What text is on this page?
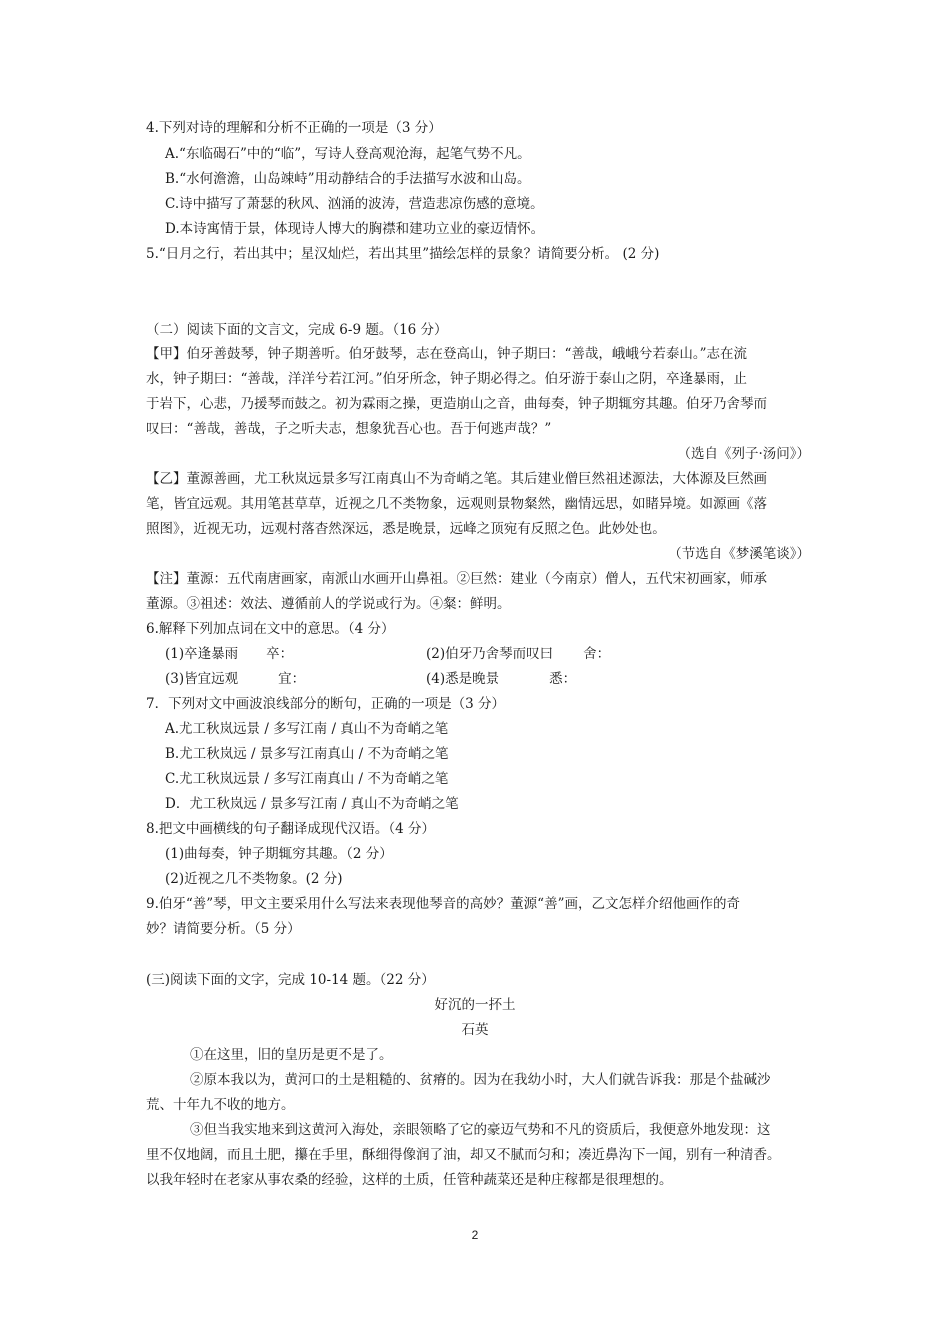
4.下列对诗的理解和分析不正确的一项是（3 分）
A.“东临碣石”中的“临”，写诗人登高观沧海，起笔气势不凡。
B.“水何澹澹，山岛竦峙”用动静结合的手法描写水波和山岛。
C.诗中描写了萧瑟的秋风、汹涌的波涛，营造悲凉伤感的意境。
D.本诗寓情于景，体现诗人博大的胸襟和建功立业的豪迈情怀。
5.“日月之行，若出其中；星汉灿烂，若出其里”描绘怎样的景象？请简要分析。 (2 分)
（二）阅读下面的文言文，完成 6-9 题。（16 分）
【甲】伯牙善鼓琴，钟子期善听。伯牙鼓琴，志在登高山，钟子期曰：“善哉，峨峨兮若泰山。”志在流
水，钟子期曰：“善哉，洋洋兮若江河。”伯牙所念，钟子期必得之。伯牙游于泰山之阴，卒逢暴雨，止
于岩下，心悲，乃援琴而鼓之。初为霖雨之操，更造崩山之音，曲每奏，钟子期辄穷其趣。伯牙乃舍琴而
叹曰：“善哉，善哉，子之听夫志，想象犹吾心也。吾于何逃声哉？”
（选自《列子·汤问》）
【乙】董源善画，尤工秋岚远景多写江南真山不为奇峭之笔。其后建业僧巨然祖述源法，大体源及巨然画
笔，皆宜远观。其用笔甚草草，近视之几不类物象，远观则景物粲然，幽情远思，如睹异境。如源画《落
照图》，近视无功，远观村落杳然深远，悉是晚景，远峰之顶宛有反照之色。此妙处也。
（节选自《梦溪笔谈》）
【注】董源：五代南唐画家，南派山水画开山鼻祖。②巨然：建业（今南京）僧人，五代宋初画家，师承
董源。③祖述：效法、遵循前人的学说或行为。④粲：鲜明。
6.解释下列加点词在文中的意思。（4 分）
(1)卒逢暴雨 卒：	(2)伯牙乃舍琴而叹曰 舍：
(3)皆宜远观	宜：	(4)悉是晚景	悉：
7．下列对文中画波浪线部分的断句，正确的一项是（3 分）
A.尤工秋岚远景 / 多写江南 / 真山不为奇峭之笔
B.尤工秋岚远 / 景多写江南真山 / 不为奇峭之笔
C.尤工秋岚远景 / 多写江南真山 / 不为奇峭之笔
D．尤工秋岚远 / 景多写江南 / 真山不为奇峭之笔
8.把文中画横线的句子翻译成现代汉语。（4 分）
(1)曲每奏，钟子期辄穷其趣。（2 分）
(2)近视之几不类物象。(2 分)
9.伯牙“善”琴，甲文主要采用什么写法来表现他琴音的高妙？董源“善”画，乙文怎样介绍他画作的奇
妙？请简要分析。（5 分）
(三)阅读下面的文字，完成 10-14 题。（22 分）
好沉的一抔土
石英
①在这里，旧的皇历是更不是了。
②原本我以为，黄河口的土是粗糙的、贫瘠的。因为在我幼小时，大人们就告诉我：那是个盐碱沙
荒、十年九不收的地方。
③但当我实地来到这黄河入海处，亲眼领略了它的豪迈气势和不凡的资质后，我便意外地发现：这
里不仅地阔，而且土肥，攥在手里，酥细得像润了油，却又不腻而匀和；凑近鼻沟下一闻，别有一种清香。
以我年轻时在老家从事农桑的经验，这样的土质，任管种蔬菜还是种庄稼都是很理想的。
2
